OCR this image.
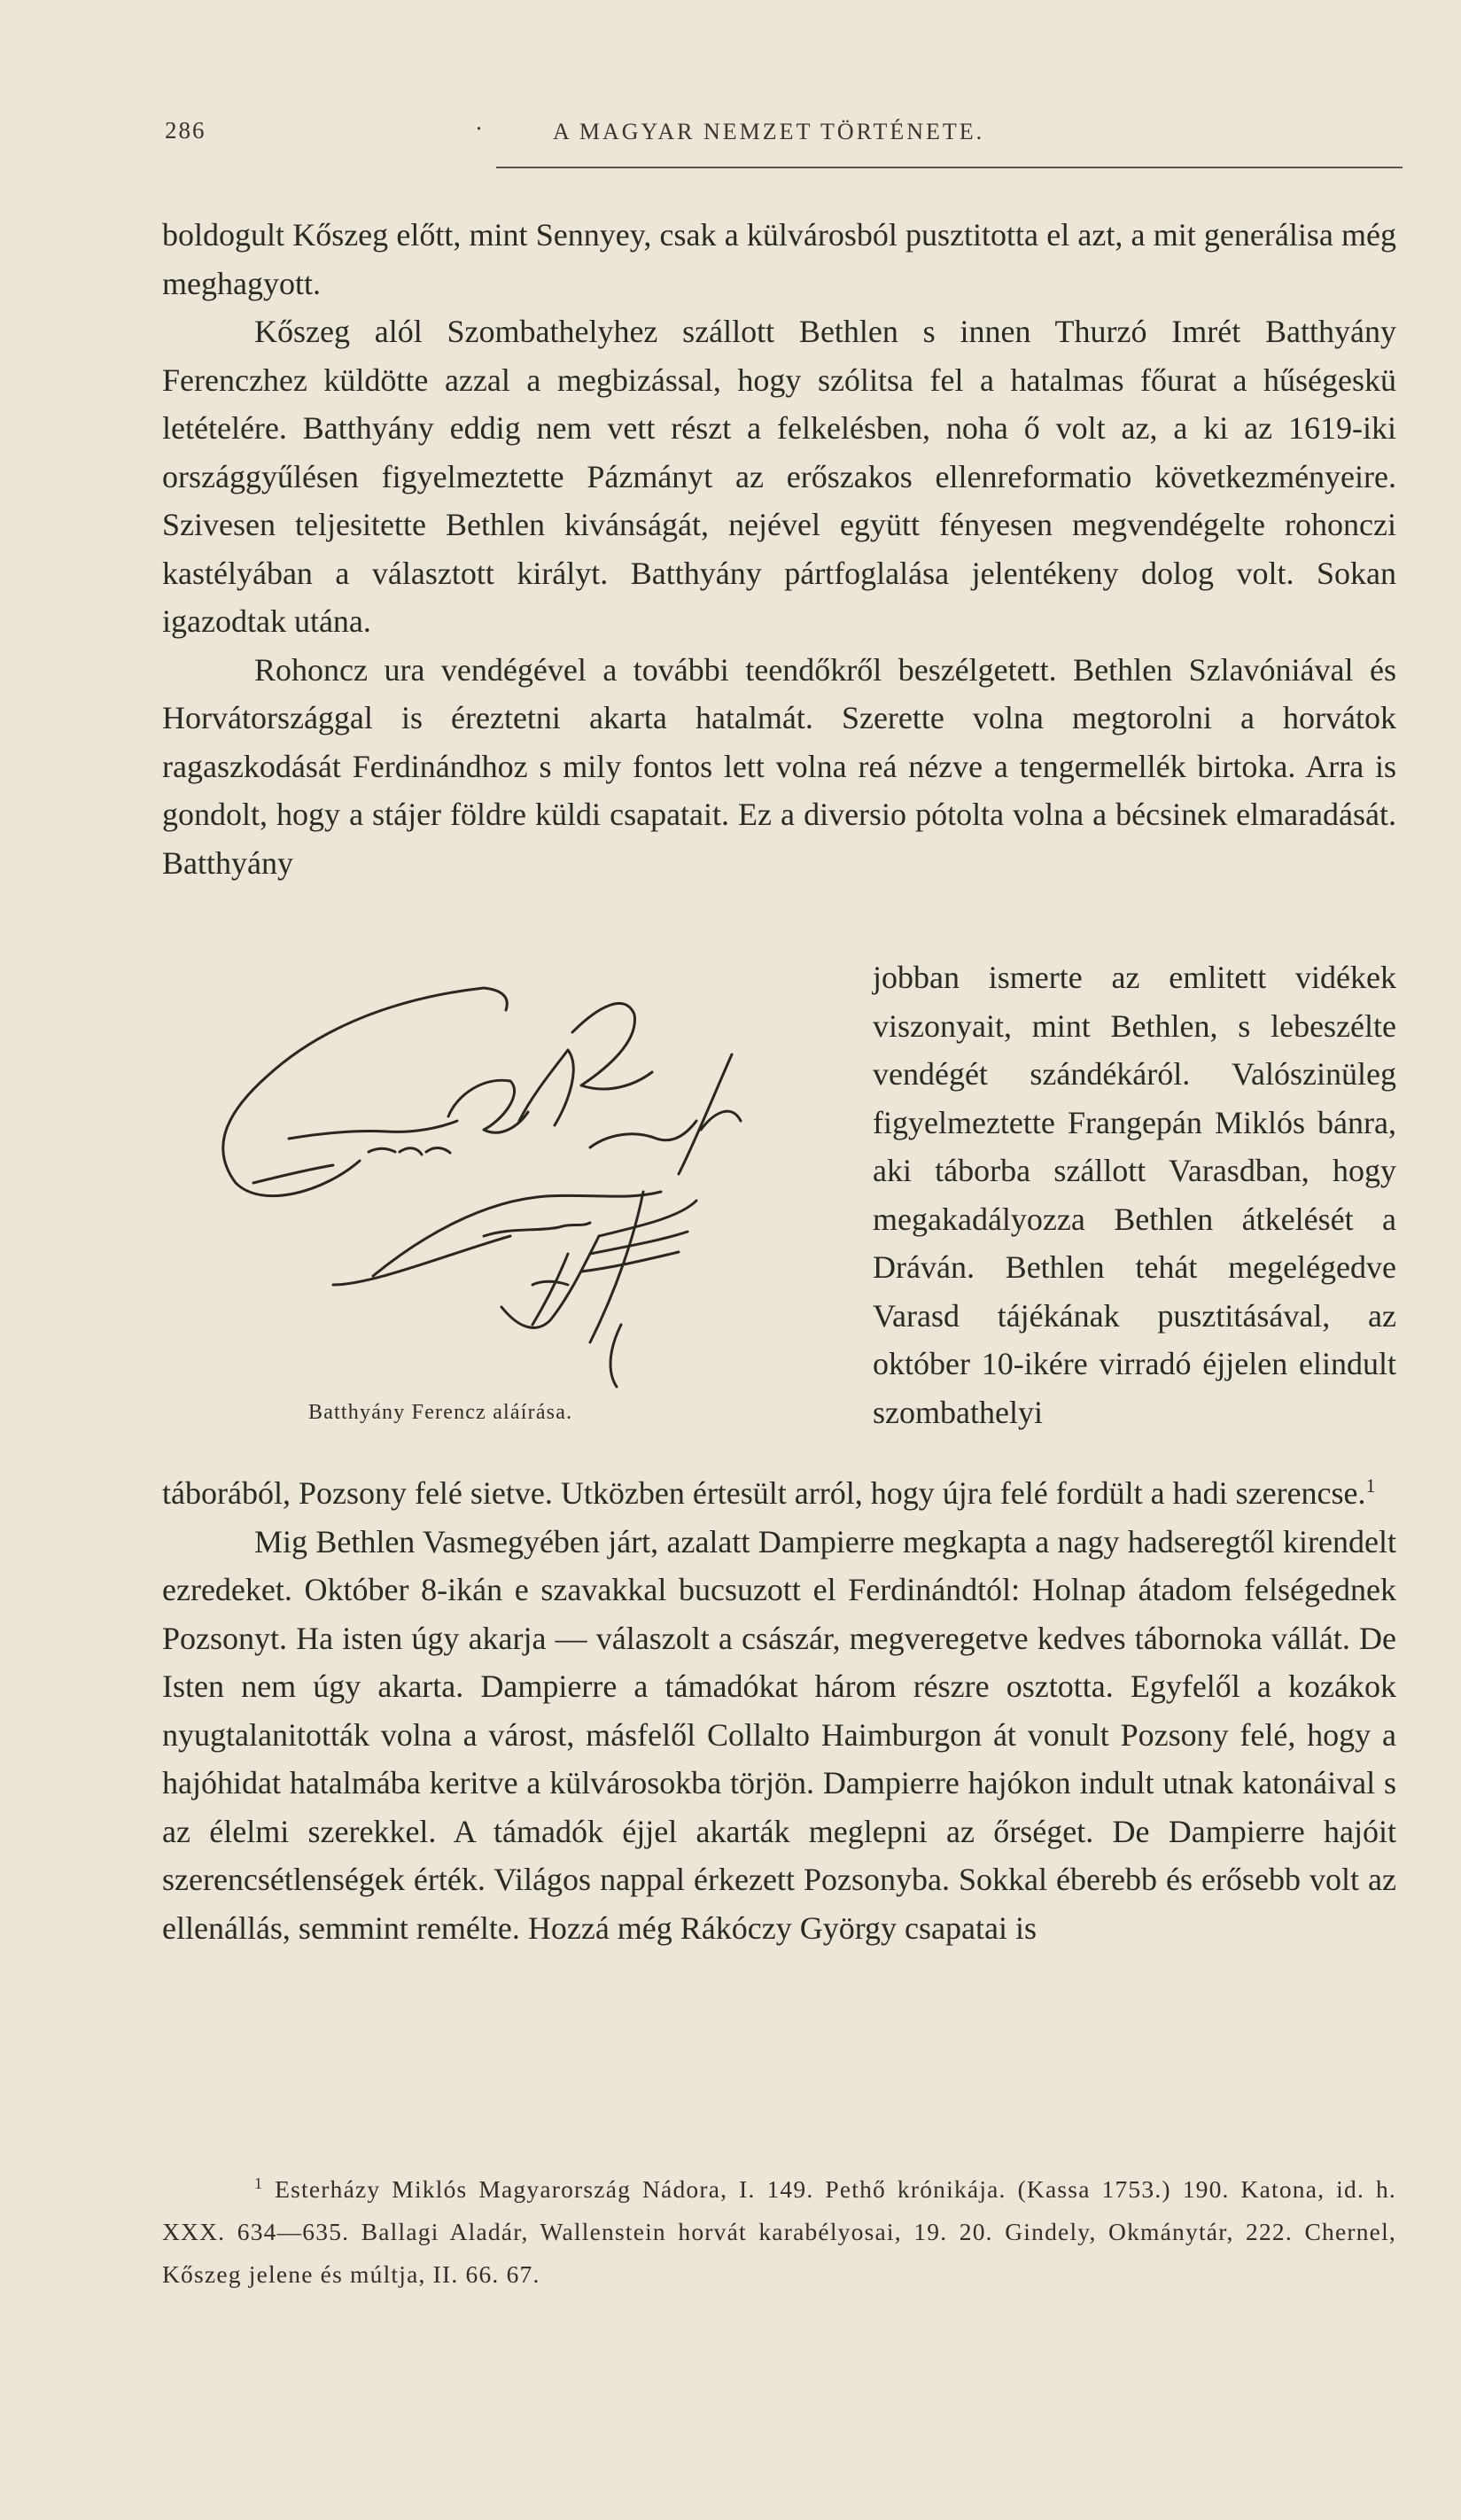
286	·	A MAGYAR NEMZET TÖRTÉNETE.

boldogult Kőszeg előtt, mint Sennyey, csak a külvárosból pusztitotta el azt, a mit generálisa még meghagyott.

Kőszeg alól Szombathelyhez szállott Bethlen s innen Thurzó Imrét Batthyány Ferenczhez küldötte azzal a megbizással, hogy szólitsa fel a hatalmas főurat a hűségeskü letételére. Batthyány eddig nem vett részt a felkelésben, noha ő volt az, a ki az 1619-iki országgyűlésen figyelmeztette Pázmányt az erőszakos ellenreformatio következményeire. Szivesen teljesitette Bethlen kivánságát, nejével együtt fényesen megvendégelte rohonczi kastélyában a választott királyt. Batthyány pártfoglalása jelentékeny dolog volt. Sokan igazodtak utána.

Rohoncz ura vendégével a további teendőkről beszélgetett. Bethlen Szlavóniával és Horvátországgal is éreztetni akarta hatalmát. Szerette volna megtorolni a horvátok ragaszkodását Ferdinándhoz s mily fontos lett volna reá nézve a tengermellék birtoka. Arra is gondolt, hogy a stájer földre küldi csapatait. Ez a diversio pótolta volna a bécsinek elmaradását. Batthyány

jobban ismerte az emlitett vidékek viszonyait, mint Bethlen, s lebeszélte vendégét szándékáról. Valószinüleg figyelmeztette Frangepán Miklós bánra, aki táborba szállott Varasdban, hogy megakadályozza Bethlen átkelését a Dráván. Bethlen tehát megelégedve Varasd tájékának pusztitásával, az október 10-ikére virradó éjjelen elindult szombathelyi

Batthyány Ferencz aláírása.

táborából, Pozsony felé sietve. Utközben értesült arról, hogy újra felé fordült a hadi szerencse.$^1$

Mig Bethlen Vasmegyében járt, azalatt Dampierre megkapta a nagy hadseregtől kirendelt ezredeket. Október 8-ikán e szavakkal bucsuzott el Ferdinándtól: Holnap átadom felségednek Pozsonyt. Ha isten úgy akarja — válaszolt a császár, megveregetve kedves tábornoka vállát. De Isten nem úgy akarta. Dampierre a támadókat három részre osztotta. Egyfelől a kozákok nyugtalanitották volna a várost, másfelől Collalto Haimburgon át vonult Pozsony felé, hogy a hajóhidat hatalmába keritve a külvárosokba törjön. Dampierre hajókon indult utnak katonáival s az élelmi szerekkel. A támadók éjjel akarták meglepni az őrséget. De Dampierre hajóit szerencsétlenségek érték. Világos nappal érkezett Pozsonyba. Sokkal éberebb és erősebb volt az ellenállás, semmint remélte. Hozzá még Rákóczy György csapatai is

$^1$ Esterházy Miklós Magyarország Nádora, I. 149. Pethő krónikája. (Kassa 1753.) 190. Katona, id. h. XXX. 634—635. Ballagi Aladár, Wallenstein horvát karabélyosai, 19. 20. Gindely, Okmánytár, 222. Chernel, Kőszeg jelene és múltja, II. 66. 67.
